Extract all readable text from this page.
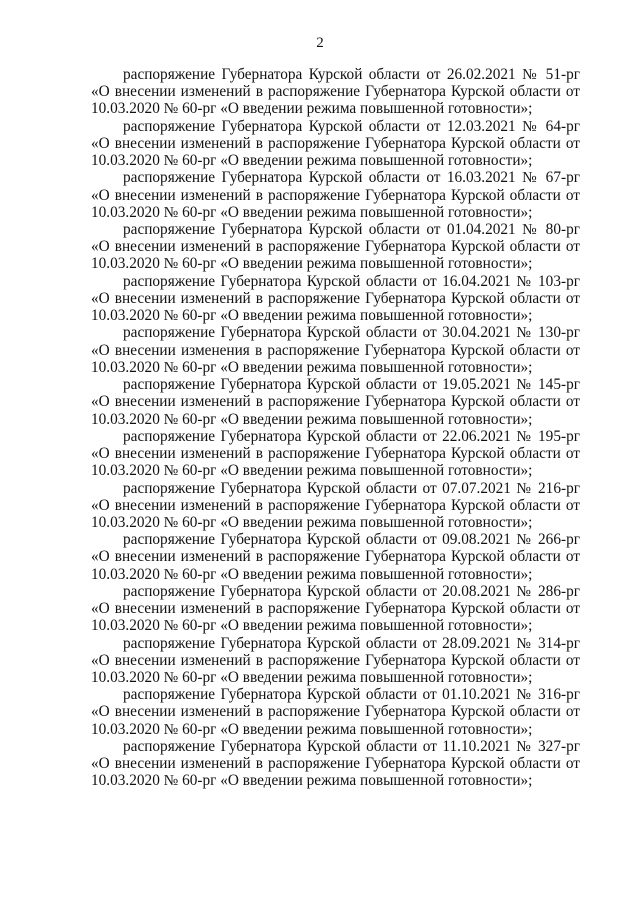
2

распоряжение Губернатора Курской области от 26.02.2021 № 51-рг
«О внесении изменений в распоряжение Губернатора Курской области от
10.03.2020 № 60-рг «О введении режима повышенной готовности»;

распоряжение Губернатора Курской области от 12.03.2021 № 64-рг
«О внесении изменений в распоряжение Губернатора Курской области от
10.03.2020 № 60-рг «О введении режима повышенной готовности»;

распоряжение Губернатора Курской области от 16.03.2021 № 67-рг
«О внесении изменений в распоряжение Губернатора Курской области от
10.03.2020 № 60-рг «О введении режима повышенной готовности»;

распоряжение Губернатора Курской области от 01.04.2021 № 80-рг
«О внесении изменений в распоряжение Губернатора Курской области от
10.03.2020 № 60-рг «О введении режима повышенной готовности»;

распоряжение Губернатора Курской области от 16.04.2021 № 103-рг
«О внесении изменений в распоряжение Губернатора Курской области от
10.03.2020 № 60-рг «О введении режима повышенной готовности»;

распоряжение Губернатора Курской области от 30.04.2021 № 130-рг
«О внесении изменения в распоряжение Губернатора Курской области от
10.03.2020 № 60-рг «О введении режима повышенной готовности»;

распоряжение Губернатора Курской области от 19.05.2021 № 145-рг
«О внесении изменений в распоряжение Губернатора Курской области от
10.03.2020 № 60-рг «О введении режима повышенной готовности»;

распоряжение Губернатора Курской области от 22.06.2021 № 195-рг
«О внесении изменений в распоряжение Губернатора Курской области от
10.03.2020 № 60-рг «О введении режима повышенной готовности»;

распоряжение Губернатора Курской области от 07.07.2021 № 216-рг
«О внесении изменений в распоряжение Губернатора Курской области от
10.03.2020 № 60-рг «О введении режима повышенной готовности»;

распоряжение Губернатора Курской области от 09.08.2021 № 266-рг
«О внесении изменений в распоряжение Губернатора Курской области от
10.03.2020 № 60-рг «О введении режима повышенной готовности»;

распоряжение Губернатора Курской области от 20.08.2021 № 286-рг
«О внесении изменений в распоряжение Губернатора Курской области от
10.03.2020 № 60-рг «О введении режима повышенной готовности»;

распоряжение Губернатора Курской области от 28.09.2021 № 314-рг
«О внесении изменений в распоряжение Губернатора Курской области от
10.03.2020 № 60-рг «О введении режима повышенной готовности»;

распоряжение Губернатора Курской области от 01.10.2021 № 316-рг
«О внесении изменений в распоряжение Губернатора Курской области от
10.03.2020 № 60-рг «О введении режима повышенной готовности»;

распоряжение Губернатора Курской области от 11.10.2021 № 327-рг
«О внесении изменений в распоряжение Губернатора Курской области от
10.03.2020 № 60-рг «О введении режима повышенной готовности»;
